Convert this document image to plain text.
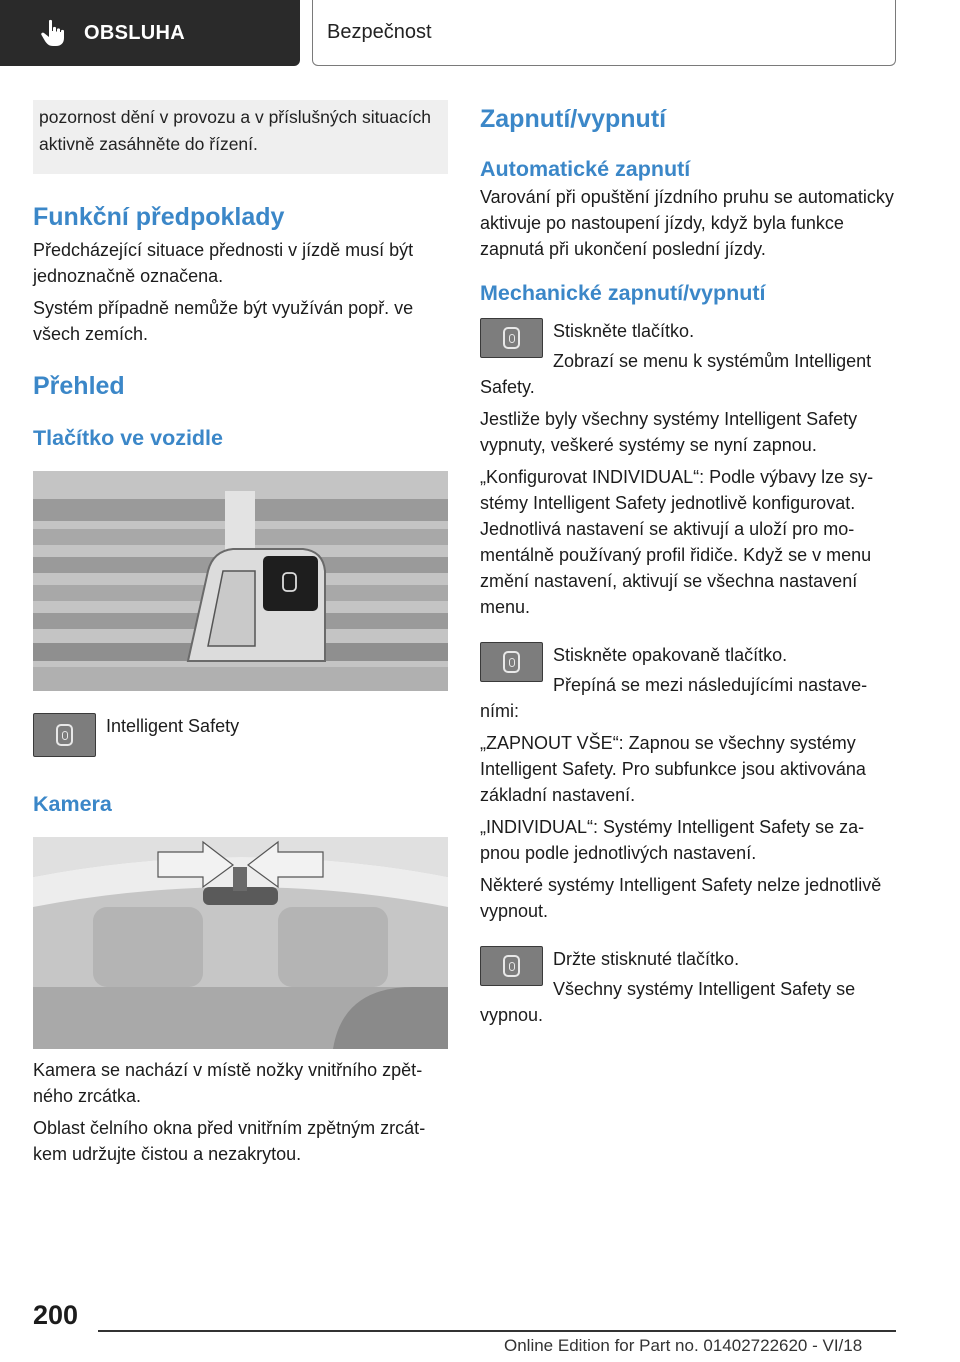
OBSLUHA	Bezpečnost
pozornost dění v provozu a v příslušných situacích aktivně zasáhněte do řízení.
Funkční předpoklady

Předcházející situace přednosti v jízdě musí být jednoznačně označena.

Systém případně nemůže být využíván popř. ve všech zemích.

Přehled
Tlačítko ve vozidle

Intelligent Safety

Kamera

Kamera se nachází v místě nožky vnitřního zpětného zrcátka.

Oblast čelního okna před vnitřním zpětným zrcátkem udržujte čistou a nezakrytou.

Zapnutí/vypnutí
Automatické zapnutí

Varování při opuštění jízdního pruhu se automaticky aktivuje po nastoupení jízdy, když byla funkce zapnutá při ukončení poslední jízdy.

Mechanické zapnutí/vypnutí

Stiskněte tlačítko.

Zobrazí se menu k systémům Intelligent Safety.

Jestliže byly všechny systémy Intelligent Safety vypnuty, veškeré systémy se nyní zapnou.

„Konfigurovat INDIVIDUAL“: Podle výbavy lze systémy Intelligent Safety jednotlivě konfigurovat. Jednotlivá nastavení se aktivují a uloží pro momentálně používaný profil řidiče. Když se v menu změní nastavení, aktivují se všechna nastavení menu.

Stiskněte opakovaně tlačítko.

Přepíná se mezi následujícími nastaveními:

„ZAPNOUT VŠE“: Zapnou se všechny systémy Intelligent Safety. Pro subfunkce jsou aktivována základní nastavení.

„INDIVIDUAL“: Systémy Intelligent Safety se zapnou podle jednotlivých nastavení.

Některé systémy Intelligent Safety nelze jednotlivě vypnout.

Držte stisknuté tlačítko.

Všechny systémy Intelligent Safety se vypnou.

200
Online Edition for Part no. 01402722620 - VI/18
